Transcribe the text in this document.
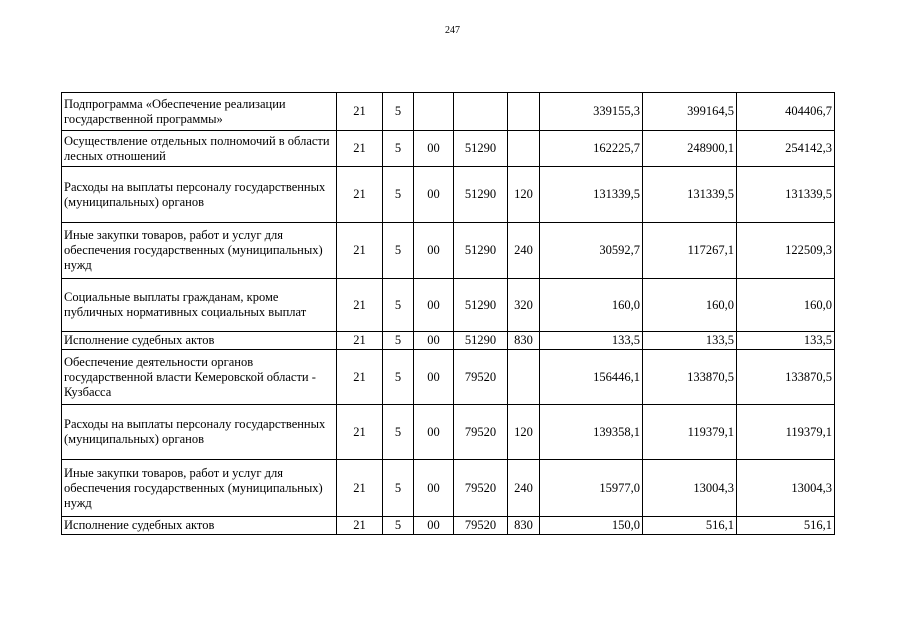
247
Подпрограмма «Обеспечение реализации государственной программы»	21	5				339155,3	399164,5	404406,7
Осуществление отдельных полномочий в области лесных отношений	21	5	00	51290		162225,7	248900,1	254142,3
Расходы на выплаты персоналу государственных (муниципальных) органов	21	5	00	51290	120	131339,5	131339,5	131339,5
Иные закупки товаров, работ и услуг для обеспечения государственных (муниципальных) нужд	21	5	00	51290	240	30592,7	117267,1	122509,3
Социальные выплаты гражданам, кроме публичных нормативных социальных выплат	21	5	00	51290	320	160,0	160,0	160,0
Исполнение судебных актов	21	5	00	51290	830	133,5	133,5	133,5
Обеспечение деятельности органов государственной власти Кемеровской области - Кузбасса	21	5	00	79520		156446,1	133870,5	133870,5
Расходы на выплаты персоналу государственных (муниципальных) органов	21	5	00	79520	120	139358,1	119379,1	119379,1
Иные закупки товаров, работ и услуг для обеспечения государственных (муниципальных) нужд	21	5	00	79520	240	15977,0	13004,3	13004,3
Исполнение судебных актов	21	5	00	79520	830	150,0	516,1	516,1
